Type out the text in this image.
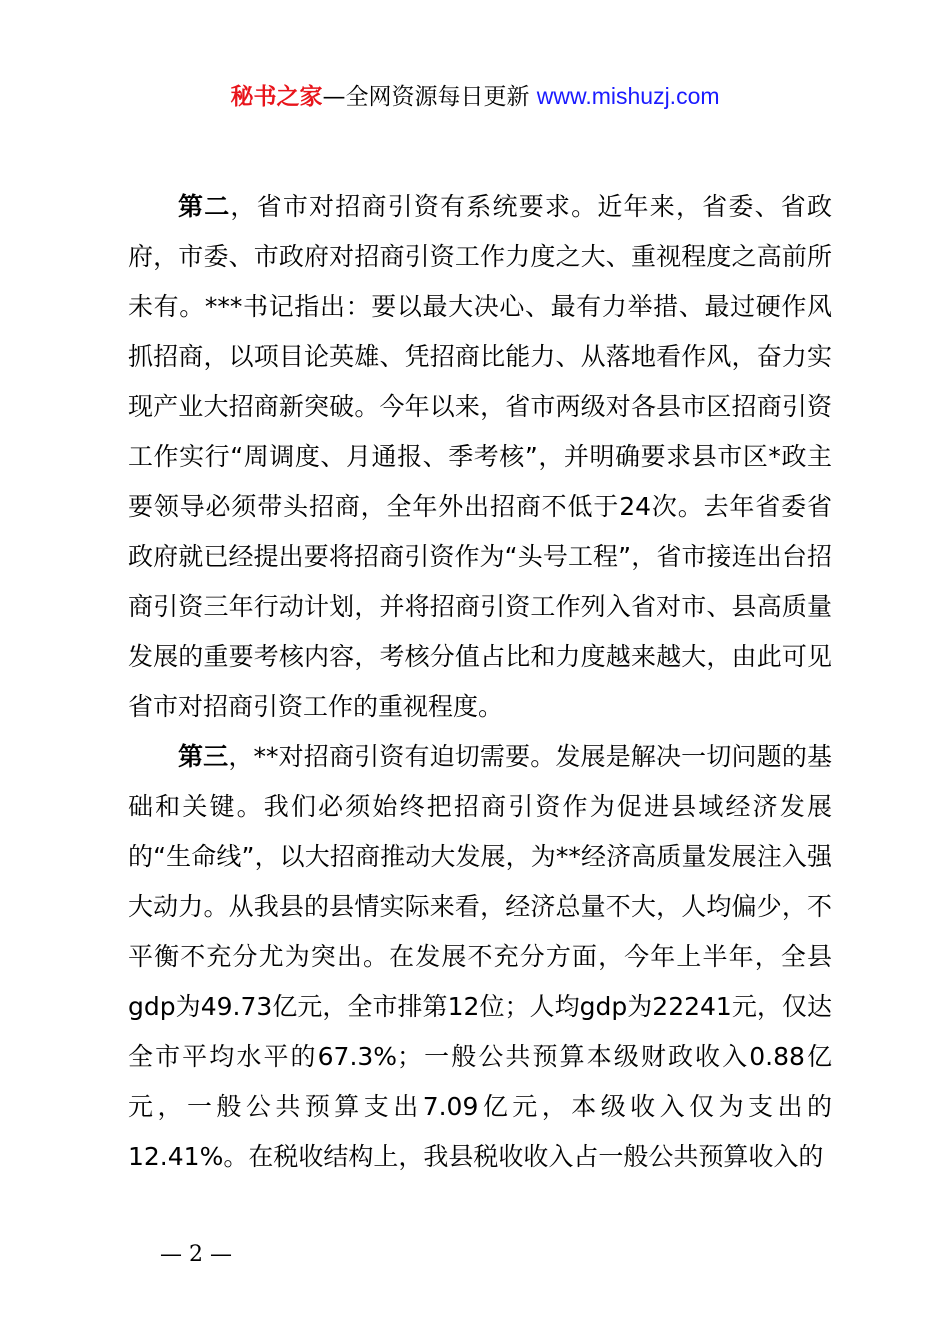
秘书之家—全网资源每日更新 www.mishuzj.com

第二，省市对招商引资有系统要求。近年来，省委、省政府，市委、市政府对招商引资工作力度之大、重视程度之高前所未有。***书记指出：要以最大决心、最有力举措、最过硬作风抓招商，以项目论英雄、凭招商比能力、从落地看作风，奋力实现产业大招商新突破。今年以来，省市两级对各县市区招商引资工作实行“周调度、月通报、季考核”，并明确要求县市区*政主要领导必须带头招商，全年外出招商不低于24次。去年省委省政府就已经提出要将招商引资作为“头号工程”，省市接连出台招商引资三年行动计划，并将招商引资工作列入省对市、县高质量发展的重要考核内容，考核分值占比和力度越来越大，由此可见省市对招商引资工作的重视程度。

第三，**对招商引资有迫切需要。发展是解决一切问题的基础和关键。我们必须始终把招商引资作为促进县域经济发展的“生命线”，以大招商推动大发展，为**经济高质量发展注入强大动力。从我县的县情实际来看，经济总量不大，人均偏少，不平衡不充分尤为突出。在发展不充分方面，今年上半年，全县gdp为49.73亿元，全市排第12位；人均gdp为22241元，仅达全市平均水平的67.3%；一般公共预算本级财政收入0.88亿元，一般公共预算支出7.09亿元，本级收入仅为支出的12.41%。在税收结构上，我县税收收入占一般公共预算收入的

— 2 —
